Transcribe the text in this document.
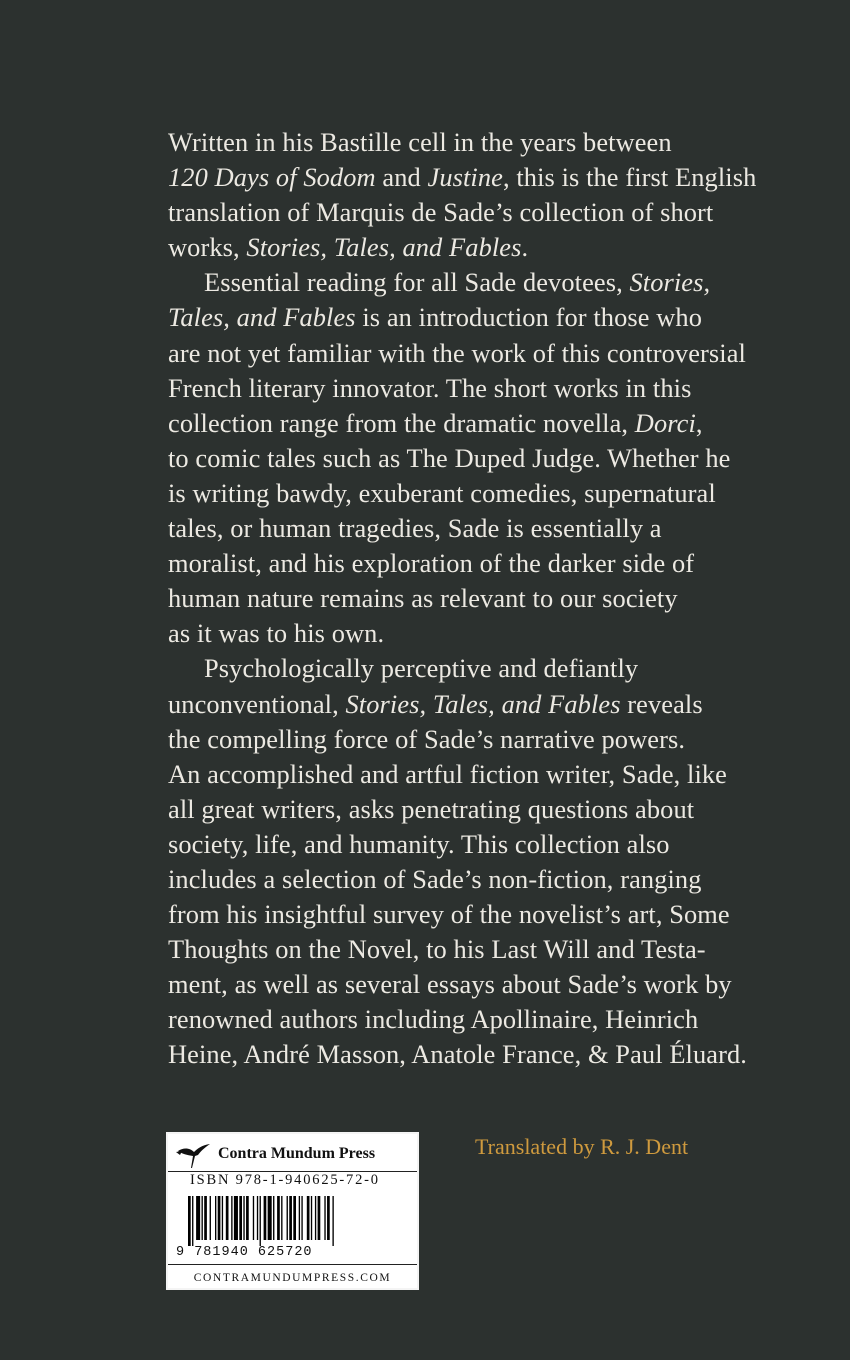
Written in his Bastille cell in the years between
120 Days of Sodom and Justine, this is the first English
translation of Marquis de Sade’s collection of short
works, Stories, Tales, and Fables.
Essential reading for all Sade devotees, Stories,
Tales, and Fables is an introduction for those who
are not yet familiar with the work of this controversial
French literary innovator. The short works in this
collection range from the dramatic novella, Dorci,
to comic tales such as The Duped Judge. Whether he
is writing bawdy, exuberant comedies, supernatural
tales, or human tragedies, Sade is essentially a
moralist, and his exploration of the darker side of
human nature remains as relevant to our society
as it was to his own.
Psychologically perceptive and defiantly
unconventional, Stories, Tales, and Fables reveals
the compelling force of Sade’s narrative powers.
An accomplished and artful fiction writer, Sade, like
all great writers, asks penetrating questions about
society, life, and humanity. This collection also
includes a selection of Sade’s non-fiction, ranging
from his insightful survey of the novelist’s art, Some
Thoughts on the Novel, to his Last Will and Testa-
ment, as well as several essays about Sade’s work by
renowned authors including Apollinaire, Heinrich
Heine, André Masson, Anatole France, & Paul Éluard.
Translated by R. J. Dent
Contra Mundum Press
ISBN 978-1-940625-72-0
9 781940 625720
CONTRAMUNDUMPRESS.COM
